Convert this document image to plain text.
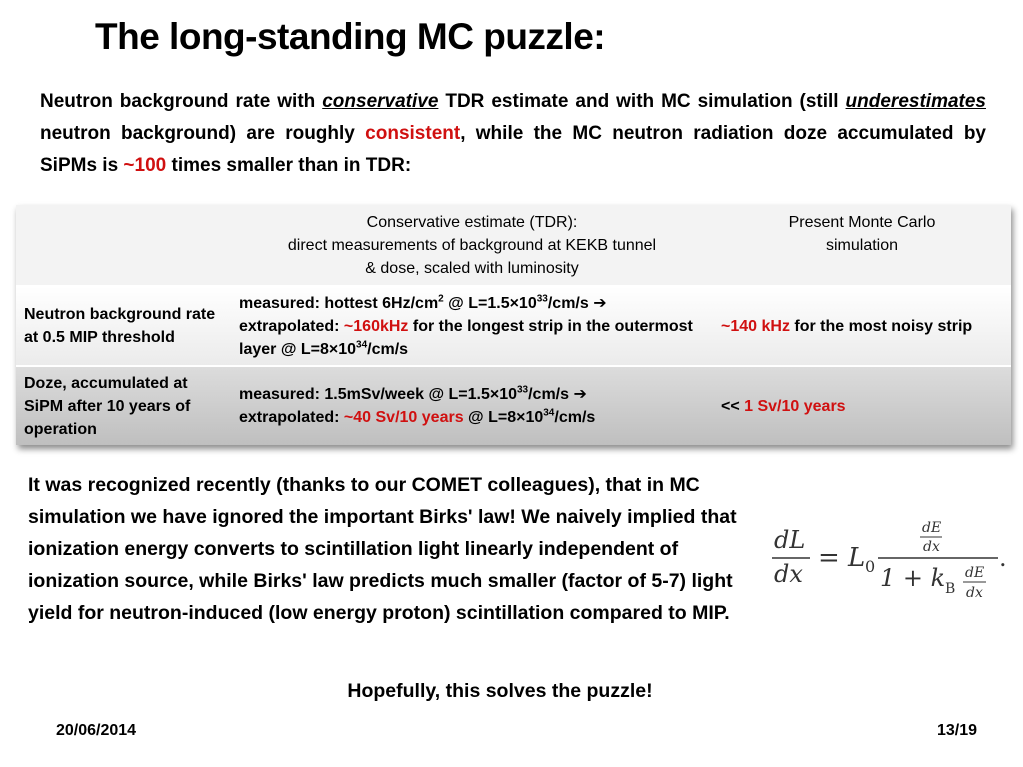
The long-standing MC puzzle:
Neutron background rate with conservative TDR estimate and with MC simulation (still underestimates neutron background) are roughly consistent, while the MC neutron radiation doze accumulated by SiPMs is ~100 times smaller than in TDR:
	Conservative estimate (TDR):
direct measurements of background at KEKB tunnel
& dose, scaled with luminosity	Present Monte Carlo
simulation
Neutron background rate at 0.5 MIP threshold	measured: hottest $6Hz/cm^2$ @ $L=1.5\times 10^{33}/cm/s$ ➔
extrapolated: ~160kHz for the longest strip in the outermost layer @ $L=8\times 10^{34}/cm/s$	~140 kHz for the most noisy strip
Doze, accumulated at SiPM after 10 years of operation	measured: 1.5mSv/week @ $L=1.5\times 10^{33}/cm/s$ ➔
extrapolated: ~40 Sv/10 years @ $L=8\times 10^{34}/cm/s$	<< 1 Sv/10 years
It was recognized recently (thanks to our COMET colleagues), that in MC simulation we have ignored the important Birks' law! We naively implied that ionization energy converts to scintillation light linearly independent of ionization source, while Birks' law predicts much smaller (factor of 5-7) light yield for neutron-induced (low energy proton) scintillation compared to MIP.
dL
dx
= L 0
dE
dx
1 + k B
dE
dx
.
Hopefully, this solves the puzzle!
20/06/2014	13/19
